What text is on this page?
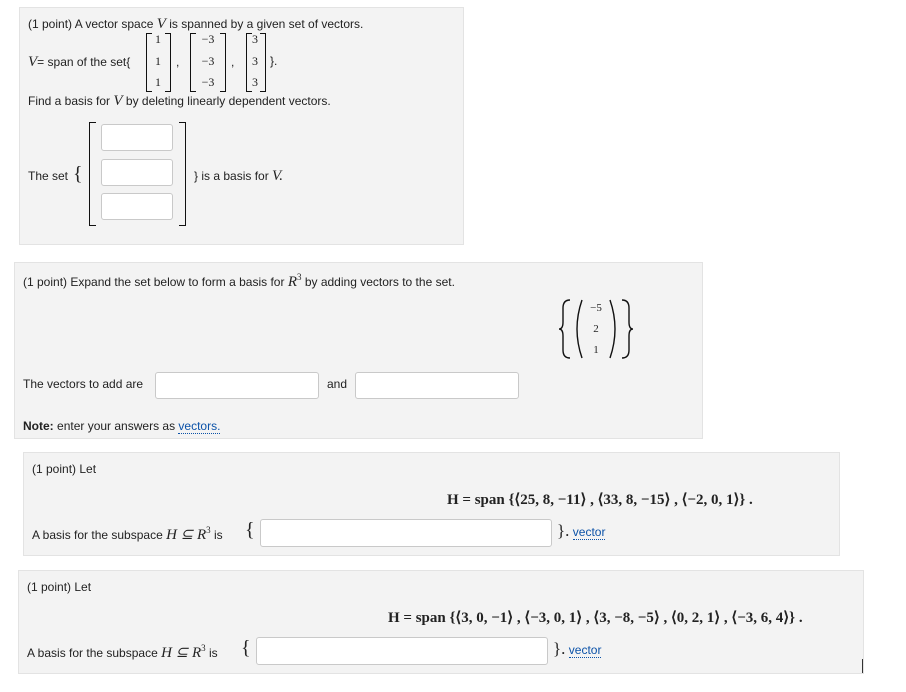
(1 point) A vector space V is spanned by a given set of vectors.
V= span of the set{
1
1
1
,
−3
−3
−3
,
3
3
3
}.
Find a basis for V by deleting linearly dependent vectors.
The set {	} is a basis for V.
(1 point) Expand the set below to form a basis for $R^3$ by adding vectors to the set.
−5
2
1
The vectors to add are	and
Note: enter your answers as vectors.
(1 point) Let
H = span {⟨25, 8, −11⟩ , ⟨33, 8, −15⟩ , ⟨−2, 0, 1⟩} .
A basis for the subspace H ⊆ $R^3$ is {	}. vector
(1 point) Let
H = span {⟨3, 0, −1⟩ , ⟨−3, 0, 1⟩ , ⟨3, −8, −5⟩ , ⟨0, 2, 1⟩ , ⟨−3, 6, 4⟩} .
A basis for the subspace H ⊆ $R^3$ is {	}. vector
